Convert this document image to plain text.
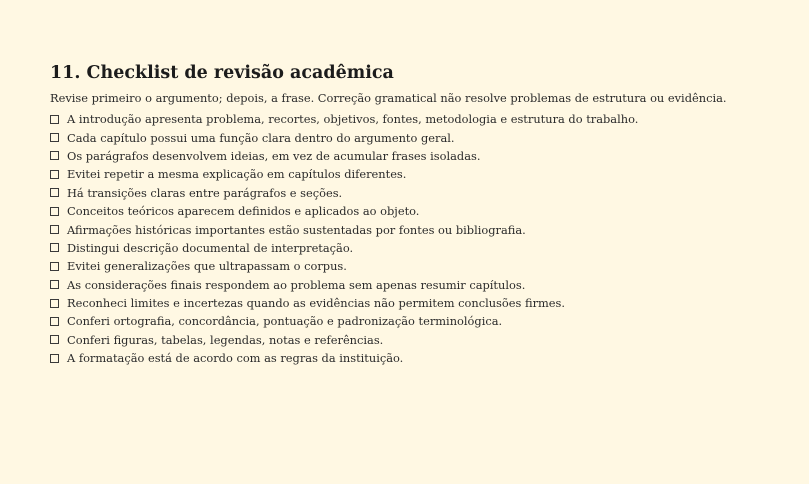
11. Checklist de revisão acadêmica

Revise primeiro o argumento; depois, a frase. Correção gramatical não resolve problemas de estrutura ou evidência.

A introdução apresenta problema, recortes, objetivos, fontes, metodologia e estrutura do trabalho.
Cada capítulo possui uma função clara dentro do argumento geral.
Os parágrafos desenvolvem ideias, em vez de acumular frases isoladas.
Evitei repetir a mesma explicação em capítulos diferentes.
Há transições claras entre parágrafos e seções.
Conceitos teóricos aparecem definidos e aplicados ao objeto.
Afirmações históricas importantes estão sustentadas por fontes ou bibliografia.
Distingui descrição documental de interpretação.
Evitei generalizações que ultrapassam o corpus.
As considerações finais respondem ao problema sem apenas resumir capítulos.
Reconheci limites e incertezas quando as evidências não permitem conclusões firmes.
Conferi ortografia, concordância, pontuação e padronização terminológica.
Conferi figuras, tabelas, legendas, notas e referências.
A formatação está de acordo com as regras da instituição.
